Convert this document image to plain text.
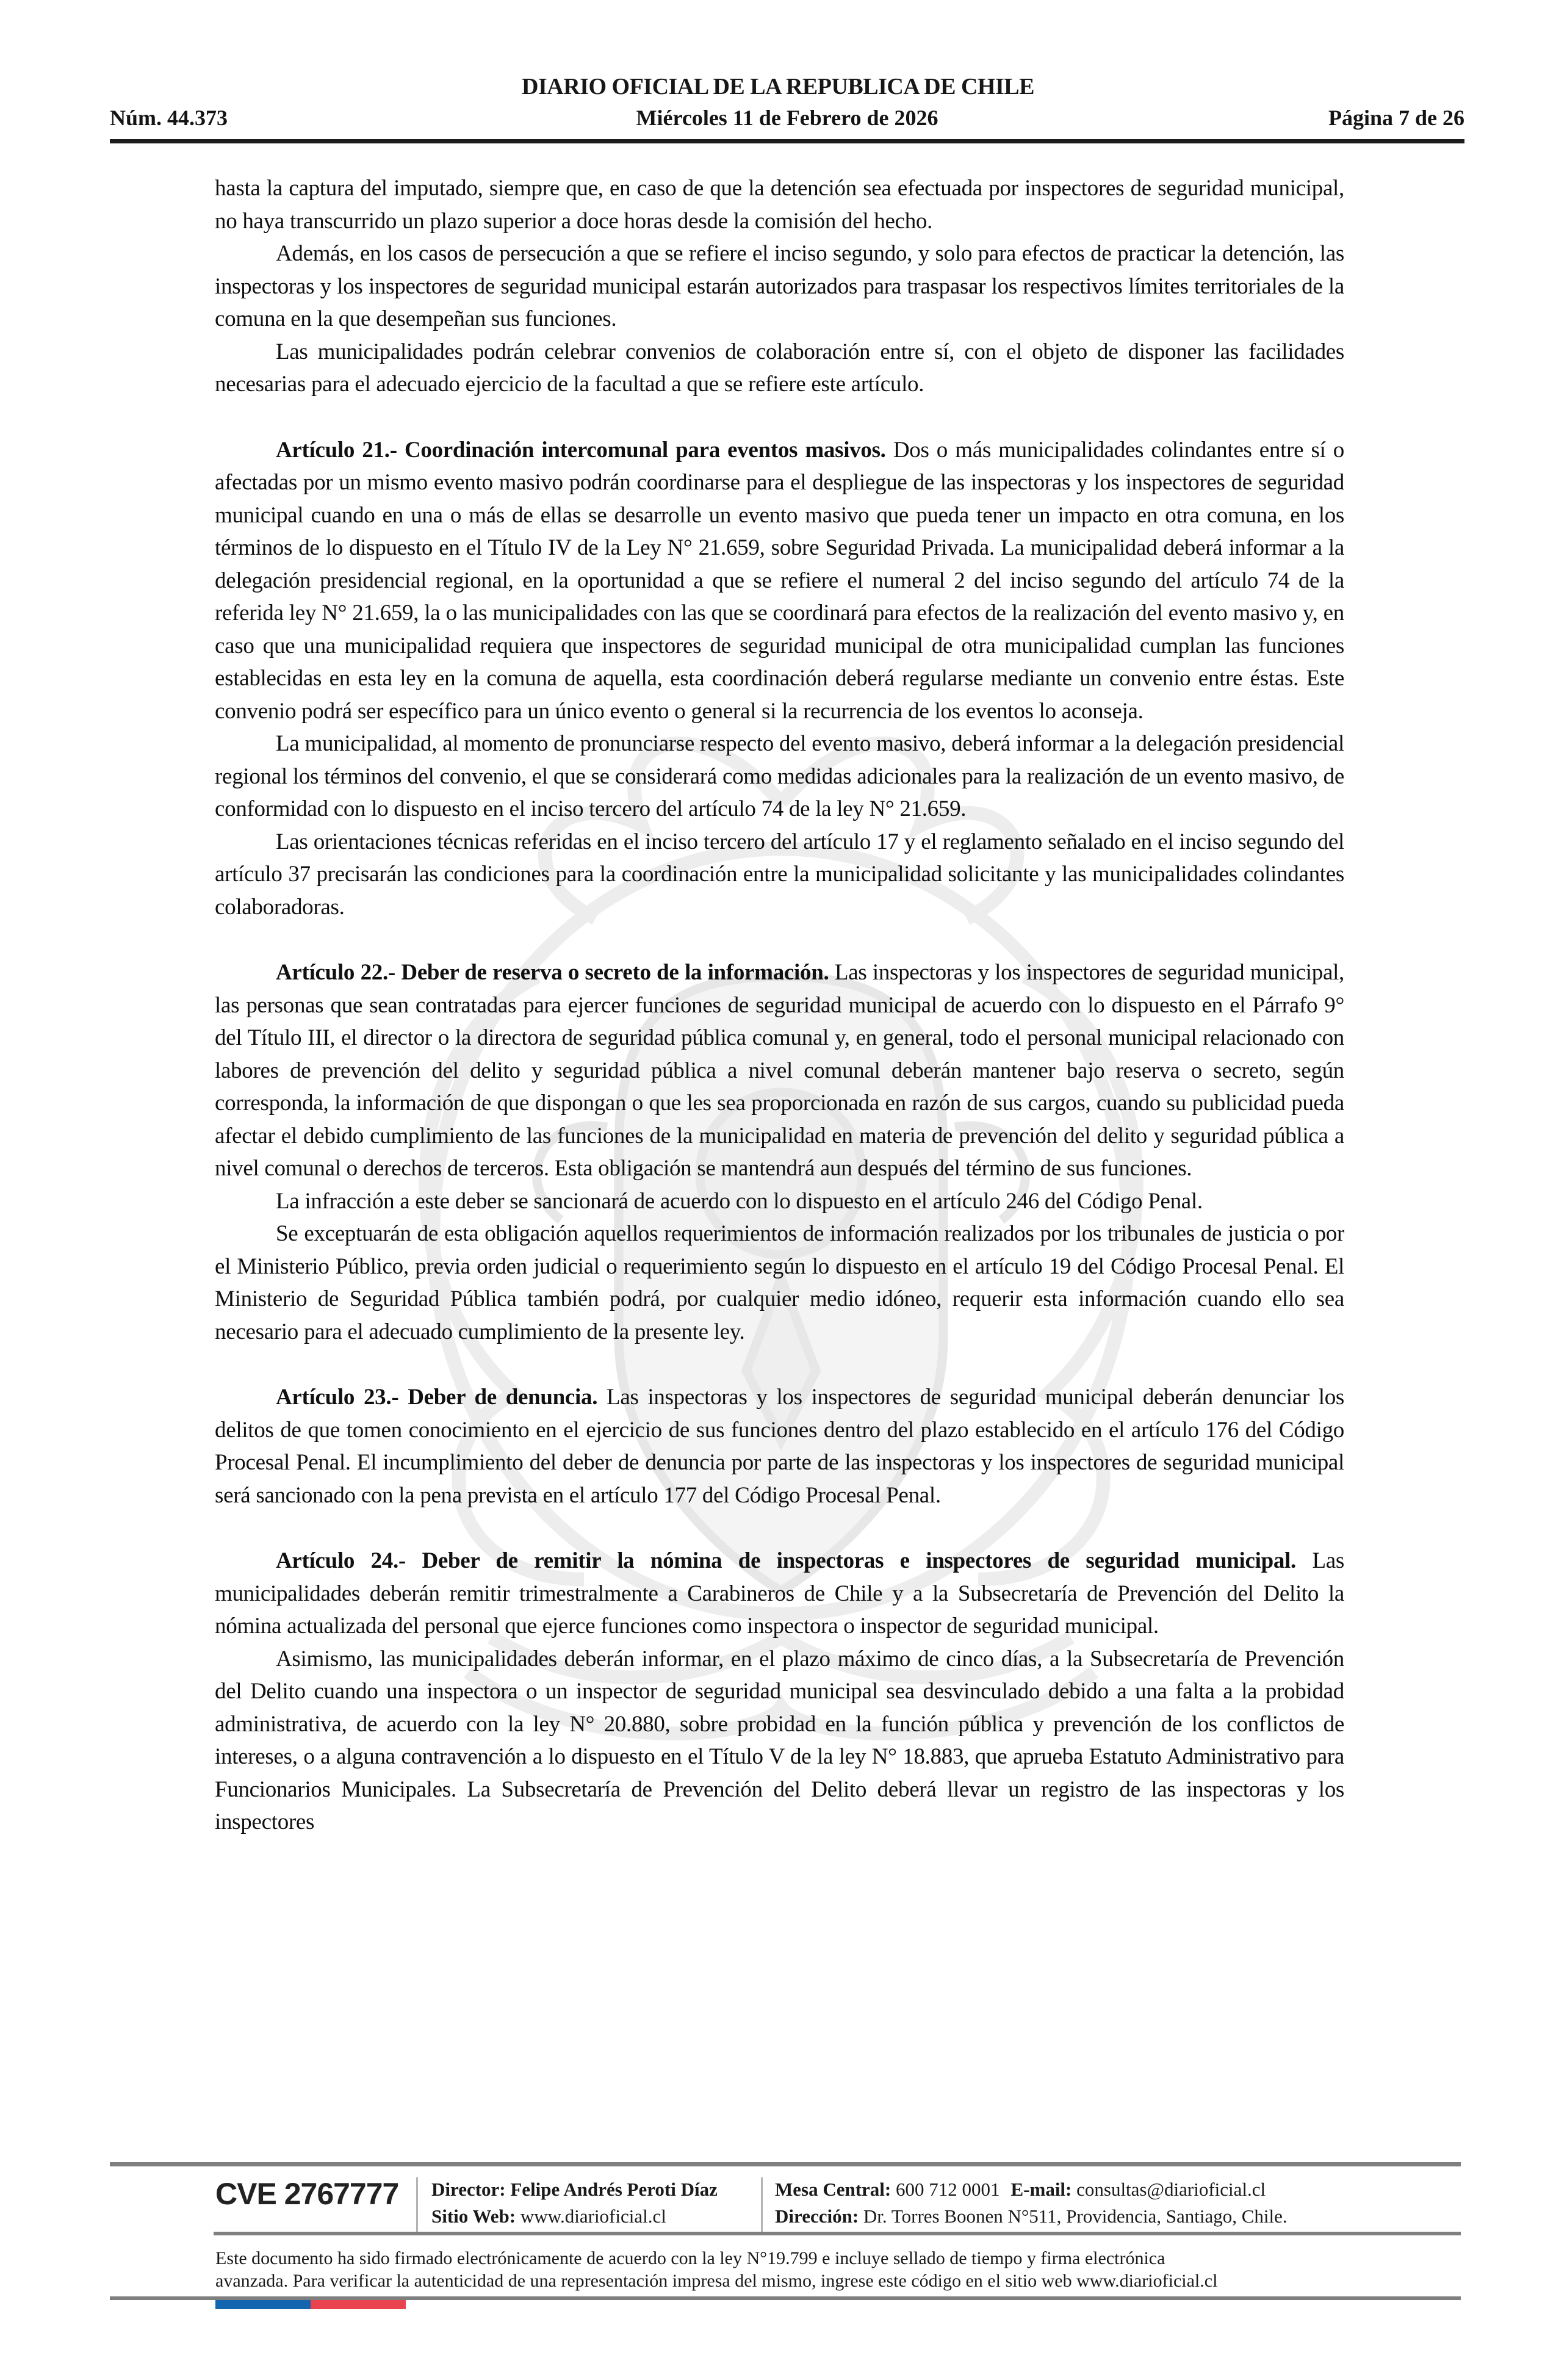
DIARIO OFICIAL DE LA REPUBLICA DE CHILE
Núm. 44.373	Miércoles 11 de Febrero de 2026	Página 7 de 26

hasta la captura del imputado, siempre que, en caso de que la detención sea efectuada por inspectores de seguridad municipal, no haya transcurrido un plazo superior a doce horas desde la comisión del hecho.

Además, en los casos de persecución a que se refiere el inciso segundo, y solo para efectos de practicar la detención, las inspectoras y los inspectores de seguridad municipal estarán autorizados para traspasar los respectivos límites territoriales de la comuna en la que desempeñan sus funciones.

Las municipalidades podrán celebrar convenios de colaboración entre sí, con el objeto de disponer las facilidades necesarias para el adecuado ejercicio de la facultad a que se refiere este artículo.

Artículo 21.- Coordinación intercomunal para eventos masivos. Dos o más municipalidades colindantes entre sí o afectadas por un mismo evento masivo podrán coordinarse para el despliegue de las inspectoras y los inspectores de seguridad municipal cuando en una o más de ellas se desarrolle un evento masivo que pueda tener un impacto en otra comuna, en los términos de lo dispuesto en el Título IV de la Ley N° 21.659, sobre Seguridad Privada. La municipalidad deberá informar a la delegación presidencial regional, en la oportunidad a que se refiere el numeral 2 del inciso segundo del artículo 74 de la referida ley N° 21.659, la o las municipalidades con las que se coordinará para efectos de la realización del evento masivo y, en caso que una municipalidad requiera que inspectores de seguridad municipal de otra municipalidad cumplan las funciones establecidas en esta ley en la comuna de aquella, esta coordinación deberá regularse mediante un convenio entre éstas. Este convenio podrá ser específico para un único evento o general si la recurrencia de los eventos lo aconseja.

La municipalidad, al momento de pronunciarse respecto del evento masivo, deberá informar a la delegación presidencial regional los términos del convenio, el que se considerará como medidas adicionales para la realización de un evento masivo, de conformidad con lo dispuesto en el inciso tercero del artículo 74 de la ley N° 21.659.

Las orientaciones técnicas referidas en el inciso tercero del artículo 17 y el reglamento señalado en el inciso segundo del artículo 37 precisarán las condiciones para la coordinación entre la municipalidad solicitante y las municipalidades colindantes colaboradoras.

Artículo 22.- Deber de reserva o secreto de la información. Las inspectoras y los inspectores de seguridad municipal, las personas que sean contratadas para ejercer funciones de seguridad municipal de acuerdo con lo dispuesto en el Párrafo 9° del Título III, el director o la directora de seguridad pública comunal y, en general, todo el personal municipal relacionado con labores de prevención del delito y seguridad pública a nivel comunal deberán mantener bajo reserva o secreto, según corresponda, la información de que dispongan o que les sea proporcionada en razón de sus cargos, cuando su publicidad pueda afectar el debido cumplimiento de las funciones de la municipalidad en materia de prevención del delito y seguridad pública a nivel comunal o derechos de terceros. Esta obligación se mantendrá aun después del término de sus funciones.

La infracción a este deber se sancionará de acuerdo con lo dispuesto en el artículo 246 del Código Penal.

Se exceptuarán de esta obligación aquellos requerimientos de información realizados por los tribunales de justicia o por el Ministerio Público, previa orden judicial o requerimiento según lo dispuesto en el artículo 19 del Código Procesal Penal. El Ministerio de Seguridad Pública también podrá, por cualquier medio idóneo, requerir esta información cuando ello sea necesario para el adecuado cumplimiento de la presente ley.

Artículo 23.- Deber de denuncia. Las inspectoras y los inspectores de seguridad municipal deberán denunciar los delitos de que tomen conocimiento en el ejercicio de sus funciones dentro del plazo establecido en el artículo 176 del Código Procesal Penal. El incumplimiento del deber de denuncia por parte de las inspectoras y los inspectores de seguridad municipal será sancionado con la pena prevista en el artículo 177 del Código Procesal Penal.

Artículo 24.- Deber de remitir la nómina de inspectoras e inspectores de seguridad municipal. Las municipalidades deberán remitir trimestralmente a Carabineros de Chile y a la Subsecretaría de Prevención del Delito la nómina actualizada del personal que ejerce funciones como inspectora o inspector de seguridad municipal.

Asimismo, las municipalidades deberán informar, en el plazo máximo de cinco días, a la Subsecretaría de Prevención del Delito cuando una inspectora o un inspector de seguridad municipal sea desvinculado debido a una falta a la probidad administrativa, de acuerdo con la ley N° 20.880, sobre probidad en la función pública y prevención de los conflictos de intereses, o a alguna contravención a lo dispuesto en el Título V de la ley N° 18.883, que aprueba Estatuto Administrativo para Funcionarios Municipales. La Subsecretaría de Prevención del Delito deberá llevar un registro de las inspectoras y los inspectores

CVE 2767777 Director: Felipe Andrés Peroti Díaz
Sitio Web: www.diarioficial.cl
Mesa Central: 600 712 0001 E-mail: consultas@diarioficial.cl
Dirección: Dr. Torres Boonen N°511, Providencia, Santiago, Chile.
Este documento ha sido firmado electrónicamente de acuerdo con la ley N°19.799 e incluye sellado de tiempo y firma electrónica
avanzada. Para verificar la autenticidad de una representación impresa del mismo, ingrese este código en el sitio web www.diarioficial.cl
